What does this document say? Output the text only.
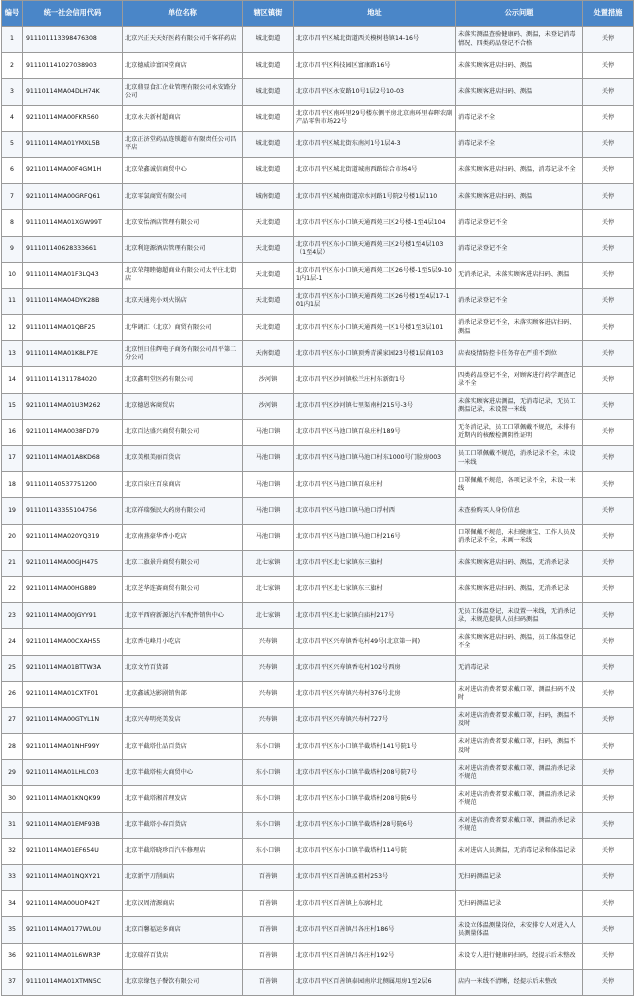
编号	统一社会信用代码	单位名称	辖区镇街	地址	公示问题	处置措施
1	911101113398476308	北京兴正天天好医药有限公司千客祥药店	城北街道	北京市昌平区城北街道西关模树巷镇14-16号	未落实测温查验健康码、测温，未登记消毒情况、四类药品登记不合格	关停
2	911101141027038903	北京德威诊富国堂商店	城北街道	北京市昌平区科技园区富康路16号	未落实顾客进店扫码、测温	关停
3	91110114MA04DLH74K	北京鼎显食汇企业管理有限公司永安路分公司	城北街道	北京市昌平区永安路10号1层2号10-03	未落实顾客进店扫码、测温	关停
4	92110114MA00FKR560	北京永夫新村超商店	城北街道	北京市昌平区南环里29号楼东侧平房北京南环里春晖农副产品零售市场22号	消毒记录不全	关停
5	91110114MA01YMXL5B	北京正济堂药品连锁超市有限责任公司昌平店	城北街道	北京市昌平区城北街东南河1号1层4-3	消毒记录不全	关停
6	92110114MA00F4GM1H	北京荣鑫诚信商贸中心	城北街道	北京市昌平区城北街道城南西路综合市场4号	未落实顾客进店扫码、测温，消毒记录不全	关停
7	92110114MA00GRFQ61	北京零氯商贸有限公司	城南街道	北京市昌平区城南街道凉水河路1号院2号楼1层110	未落实顾客进店扫码、测温	关停
8	91110114MA01XGW99T	北京安怡酒店管理有限公司	天北街道	北京市昌平区东小口镇天通西苑三区2号楼-1至4层104	消毒记录登记不全	关停
9	911101140628333661	北京利迎源酒店管理有限公司	天北街道	北京市昌平区东小口镇天通西苑三区2号楼1至4层103（1至4层）	消毒记录登记不全	关停
10	91110114MA01F3LQ43	北京荣翔睦德超商业有限公司太平庄北街店	天北街道	北京市昌平区东小口镇天通西苑二区26号楼-1至5层9-101内1层-1	无消杀记录，未落实顾客进店扫码、测温	关停
11	91110114MA04DYK28B	北京天通苑小刘火锅店	天北街道	北京市昌平区东小口镇天通西苑二区26号楼1至4层17-101内1层	消杀记录登记不全	关停
12	91110114MA01QBF25	北华调汇（北京）商贸有限公司	天北街道	北京市昌平区东小口镇天通西苑一区1号楼1至3层101	消杀记录登记不全，未落实顾客进店扫码、测温	关停
13	91110114MA01K8LP7E	北京恒日佳辉电子商务有限公司昌平第二分公司	天南街道	北京市昌平区东小口镇顶秀青溪家园23号楼1层商103	店表疫情防控卡任务存在严重不到位	关停
14	911101141311784020	北京鑫明堂医药有限公司	沙河镇	北京市昌平区沙河镇松兰庄村东新街1号	四类药品登记不全，对顾客进行药学调查记录不全	关停
15	92110114MA01U3M262	北京德恩客商贸店	沙河镇	北京市昌平区沙河镇七里渠南村215号-3号	未落实顾客进店测温，无消毒记录，无员工测温记录，未设置一米线	关停
16	92110114MA0038FD79	北京百达盛兴商贸有限公司	马池口镇	北京市昌平区马池口镇百泉庄村189号	无冬消记录，员工口罩佩戴不规范，未排有近期内的核酸检测阴性证明	关停
17	92110114MA01A8KD68	北京美根美丽百货店	马池口镇	北京市昌平区马池口镇马池口村东1000号门脸房003	员工口罩佩戴不规范，消杀记录不全，未设一米线	关停
18	911101140537751200	北京百泉庄百泉商店	马池口镇	北京市昌平区马池口镇百泉庄村	口罩佩戴不规范，各项记录不全，未设一米线	关停
19	911101143355104756	北京祥瑞强民大药房有限公司	马池口镇	北京市昌平区马池口镇马池口浮村西	未查验购买人身份信息	关停
20	92110114MA020YQ319	北京南燕豪华香小吃店	马池口镇	北京市昌平区马池口镇马池口村216号	口罩佩戴不规范，未扫健康宝、工作人员及消杀记录不全，未画一米线	关停
21	92110114MA00GJH475	北京二旗景升商贸有限公司	北七家镇	北京市昌平区北七家镇东三旗村	未落实顾客进店扫码、测温，无消杀记录	关停
22	92110114MA00HG889	北京芝华连赛商贸有限公司	北七家镇	北京市昌平区北七家镇东三旗村	未落实顾客进店扫码、测温，无消杀记录	关停
23	92110114MA00JGYY91	北京平西府新源达汽车配件销售中心	北七家镇	北京市昌平区北七家镇白庙村217号	无员工体温登记，未设置一米线，无消杀记录，未规范提供人员扫码测温	关停
24	92110114MA00CXAH55	北京香屯峰月小吃店	兴寿镇	北京市昌平区兴寿镇香屯村49号(北京第一间)	未落实顾客进店扫码、测温，员工体温登记不全	关停
25	92110114MA01BTTW3A	北京文竹百货部	兴寿镇	北京市昌平区兴寿镇香屯村102号西房	无消毒记录	关停
26	92110114MA01CXTF01	北京鑫诚达影剧销售部	兴寿镇	北京市昌平区兴寿镇兴寿村376号北房	未对进店消费者要求戴口罩、测温扫码不及时	关停
27	92110114MA00GTYL1N	北京兴寿明亮美发店	兴寿镇	北京市昌平区兴寿镇兴寿村727号	未对进店消费者要求戴口罩，扫码，测温不及时	关停
28	92110114MA01NHF99Y	北京平截塔仕品百货店	东小口镇	北京市昌平区东小口镇半截塔村141号院1号	未对进店消费者要求戴口罩，扫码，测温不及时	关停
29	92110114MA01LHLC03	北京半截塔桂大商贸中心	东小口镇	北京市昌平区东小口镇半截塔村208号院7号	未对进店消费者要求戴口罩、测温消杀记录不规范	关停
30	92110114MA01KNQK99	北京平截塔湘首理发店	东小口镇	北京市昌平区东小口镇半截塔村208号院6号	未对进店消费者要求戴口罩、测温消杀记录不规范	关停
31	92110114MA01EMF93B	北京半截塔小春百货店	东小口镇	北京市昌平区东小口镇半截塔村28号院6号	未对进店消费者要求戴口罩、测温消杀记录不规范	关停
32	92110114MA01EF654U	北京半截塔晓珍百汽车修理店	东小口镇	北京市昌平区东小口镇半截塔村114号院	未对进店人员测温，无消毒记录和体温记录	关停
33	92110114MA01NQXY21	北京新宇刀削面店	百善镇	北京市昌平区百善镇孟祖村253号	无扫码测温记录	关停
34	92110114MA00UOP42T	北京汉周清源商店	百善镇	北京市昌平区百善镇上东廓村北	无扫码测温记录	关停
35	92110114MA0177WL0U	北京百馨福运多商店	百善镇	北京市昌平区百善镇吕各庄村186号	未设立体温测量岗位，未安排专人对进入人员测量体温	关停
36	92110114MA01L6WR3P	北京瑞祥百货店	百善镇	北京市昌平区百善镇吕各庄村192号	未设专人进行健康码扫码，经提示后未整改	关停
37	91110114MA01XTMN5C	北京京缘包子餐饮有限公司	百善镇	北京市昌平区百善镇泰园南岸北侧属用房1至2层6	店内一米线不清晰，经提示后未整改	关停
